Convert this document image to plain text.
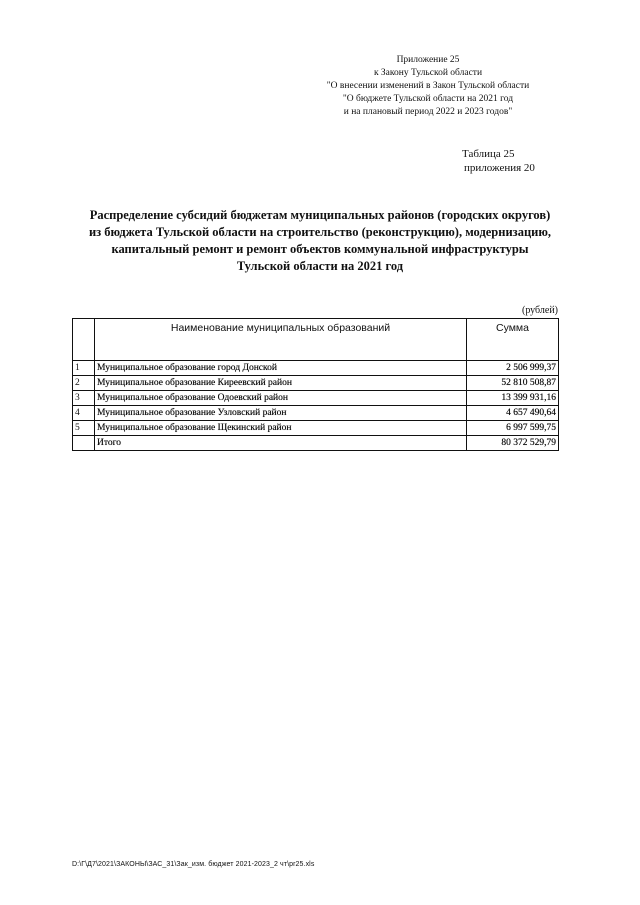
Приложение 25
к Закону Тульской области
"О внесении изменений в Закон Тульской области
"О бюджете Тульской области на 2021 год
и на плановый период 2022 и 2023 годов"
Таблица 25
приложения 20
Распределение субсидий бюджетам муниципальных районов (городских округов)
из бюджета Тульской области на строительство (реконструкцию), модернизацию,
капитальный ремонт и ремонт объектов коммунальной инфраструктуры
Тульской области на 2021 год
(рублей)
	Наименование муниципальных образований	Сумма
1	Муниципальное образование город Донской	2 506 999,37
2	Муниципальное образование Киреевский район	52 810 508,87
3	Муниципальное образование Одоевский район	13 399 931,16
4	Муниципальное образование Узловский район	4 657 490,64
5	Муниципальное образование Щекинский район	6 997 599,75
	Итого	80 372 529,79
D:\Г\Д7\2021\ЗАКОНЫ\ЗАС_31\Зак_изм. бюджет 2021-2023_2 чт\pr25.xls
